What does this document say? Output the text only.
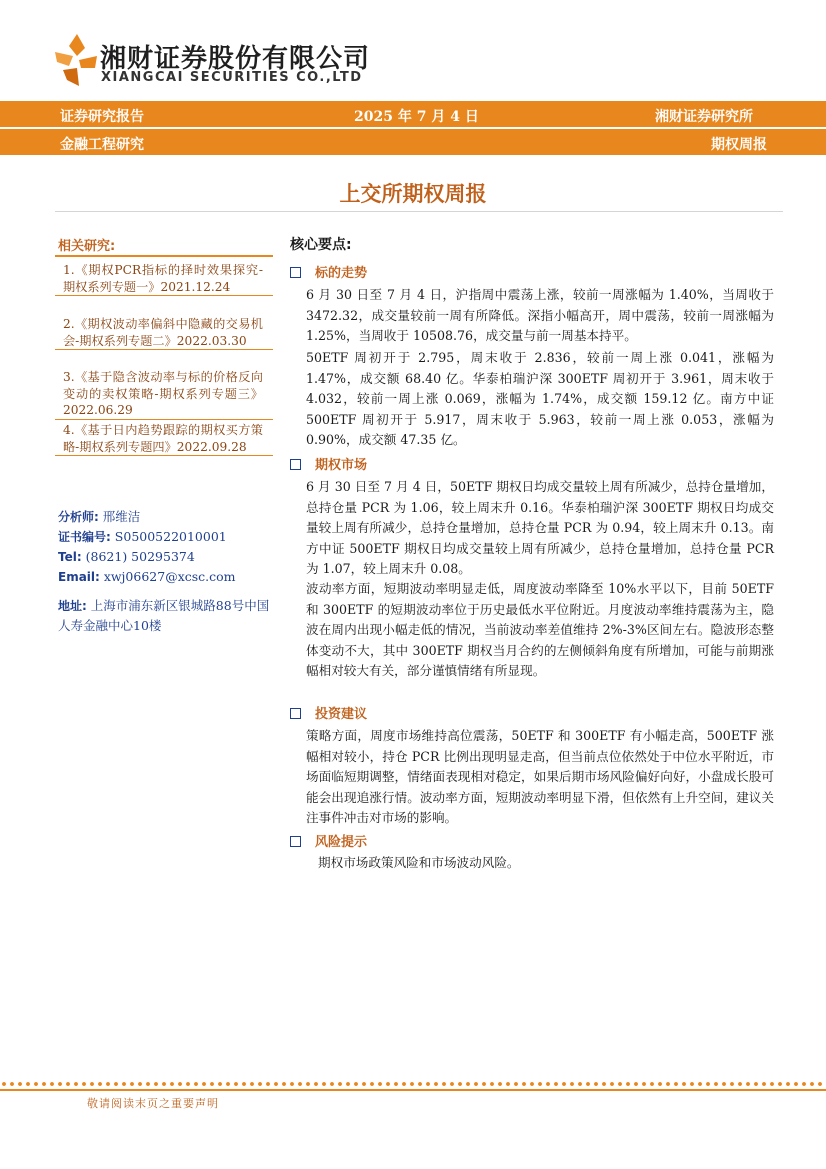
湘财证券股份有限公司
XIANGCAI SECURITIES CO.,LTD
证券研究报告	2025 年 7 月 4 日	湘财证券研究所
金融工程研究	期权周报
上交所期权周报
相关研究:
1.《期权PCR指标的择时效果探究-期权系列专题一》2021.12.24
2.《期权波动率偏斜中隐藏的交易机会-期权系列专题二》2022.03.30
3.《基于隐含波动率与标的价格反向变动的卖权策略-期权系列专题三》2022.06.29
4.《基于日内趋势跟踪的期权买方策略-期权系列专题四》2022.09.28
分析师: 邢维洁
证书编号: S0500522010001
Tel: (8621) 50295374
Email: xwj06627@xcsc.com
地址: 上海市浦东新区银城路88号中国人寿金融中心10楼
核心要点:
标的走势
6 月 30 日至 7 月 4 日，沪指周中震荡上涨，较前一周涨幅为 1.40%，当周收于 3472.32，成交量较前一周有所降低。深指小幅高开，周中震荡，较前一周涨幅为 1.25%，当周收于 10508.76，成交量与前一周基本持平。
50ETF 周初开于 2.795，周末收于 2.836，较前一周上涨 0.041，涨幅为 1.47%，成交额 68.40 亿。华泰柏瑞沪深 300ETF 周初开于 3.961，周末收于 4.032，较前一周上涨 0.069，涨幅为 1.74%，成交额 159.12 亿。南方中证 500ETF 周初开于 5.917，周末收于 5.963，较前一周上涨 0.053，涨幅为 0.90%，成交额 47.35 亿。
期权市场
6 月 30 日至 7 月 4 日，50ETF 期权日均成交量较上周有所减少，总持仓量增加，总持仓量 PCR 为 1.06，较上周末升 0.16。华泰柏瑞沪深 300ETF 期权日均成交量较上周有所减少，总持仓量增加，总持仓量 PCR 为 0.94，较上周末升 0.13。南方中证 500ETF 期权日均成交量较上周有所减少，总持仓量增加，总持仓量 PCR 为 1.07，较上周末升 0.08。
波动率方面，短期波动率明显走低，周度波动率降至 10%水平以下，目前 50ETF 和 300ETF 的短期波动率位于历史最低水平位附近。月度波动率维持震荡为主，隐波在周内出现小幅走低的情况，当前波动率差值维持 2%-3%区间左右。隐波形态整体变动不大，其中 300ETF 期权当月合约的左侧倾斜角度有所增加，可能与前期涨幅相对较大有关，部分谨慎情绪有所显现。
投资建议
策略方面，周度市场维持高位震荡，50ETF 和 300ETF 有小幅走高，500ETF 涨幅相对较小，持仓 PCR 比例出现明显走高，但当前点位依然处于中位水平附近，市场面临短期调整，情绪面表现相对稳定，如果后期市场风险偏好向好，小盘成长股可能会出现追涨行情。波动率方面，短期波动率明显下滑，但依然有上升空间，建议关注事件冲击对市场的影响。
风险提示
期权市场政策风险和市场波动风险。
敬请阅读末页之重要声明
